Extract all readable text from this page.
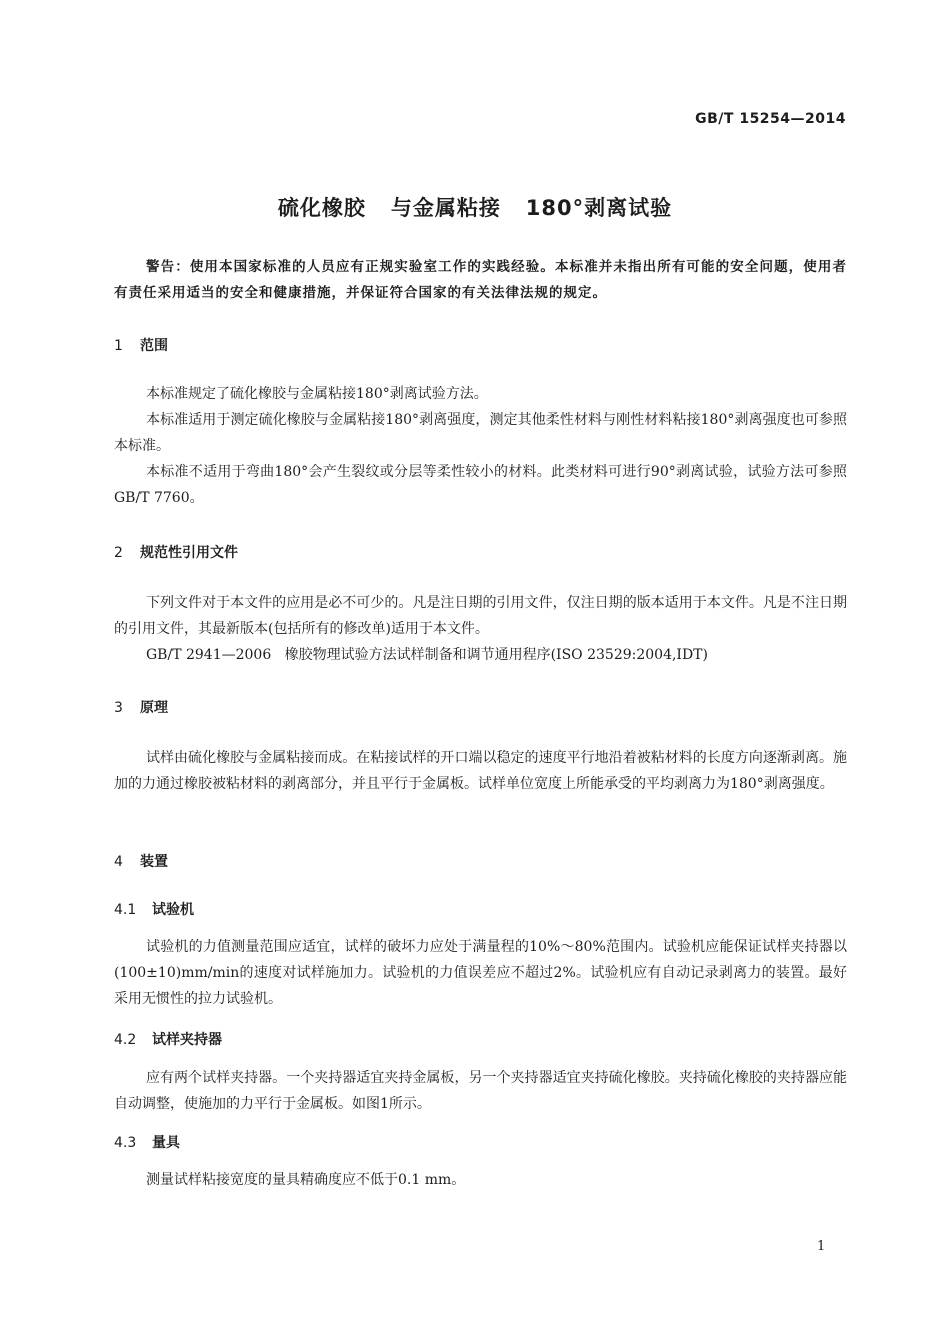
GB/T 15254—2014
硫化橡胶   与金属粘接   180°剥离试验

警告：使用本国家标准的人员应有正规实验室工作的实践经验。本标准并未指出所有可能的安全问题，使用者有责任采用适当的安全和健康措施，并保证符合国家的有关法律法规的规定。

1 范围

本标准规定了硫化橡胶与金属粘接180°剥离试验方法。

本标准适用于测定硫化橡胶与金属粘接180°剥离强度，测定其他柔性材料与刚性材料粘接180°剥离强度也可参照本标准。

本标准不适用于弯曲180°会产生裂纹或分层等柔性较小的材料。此类材料可进行90°剥离试验，试验方法可参照GB/T 7760。

2 规范性引用文件

下列文件对于本文件的应用是必不可少的。凡是注日期的引用文件，仅注日期的版本适用于本文件。凡是不注日期的引用文件，其最新版本(包括所有的修改单)适用于本文件。

GB/T 2941—2006   橡胶物理试验方法试样制备和调节通用程序(ISO 23529:2004,IDT)

3 原理

试样由硫化橡胶与金属粘接而成。在粘接试样的开口端以稳定的速度平行地沿着被粘材料的长度方向逐渐剥离。施加的力通过橡胶被粘材料的剥离部分，并且平行于金属板。试样单位宽度上所能承受的平均剥离力为180°剥离强度。

4 装置
4.1 试验机

试验机的力值测量范围应适宜，试样的破坏力应处于满量程的10%～80%范围内。试验机应能保证试样夹持器以(100±10)mm/min的速度对试样施加力。试验机的力值误差应不超过2%。试验机应有自动记录剥离力的装置。最好采用无惯性的拉力试验机。

4.2 试样夹持器

应有两个试样夹持器。一个夹持器适宜夹持金属板，另一个夹持器适宜夹持硫化橡胶。夹持硫化橡胶的夹持器应能自动调整，使施加的力平行于金属板。如图1所示。

4.3 量具

测量试样粘接宽度的量具精确度应不低于0.1 mm。

1
